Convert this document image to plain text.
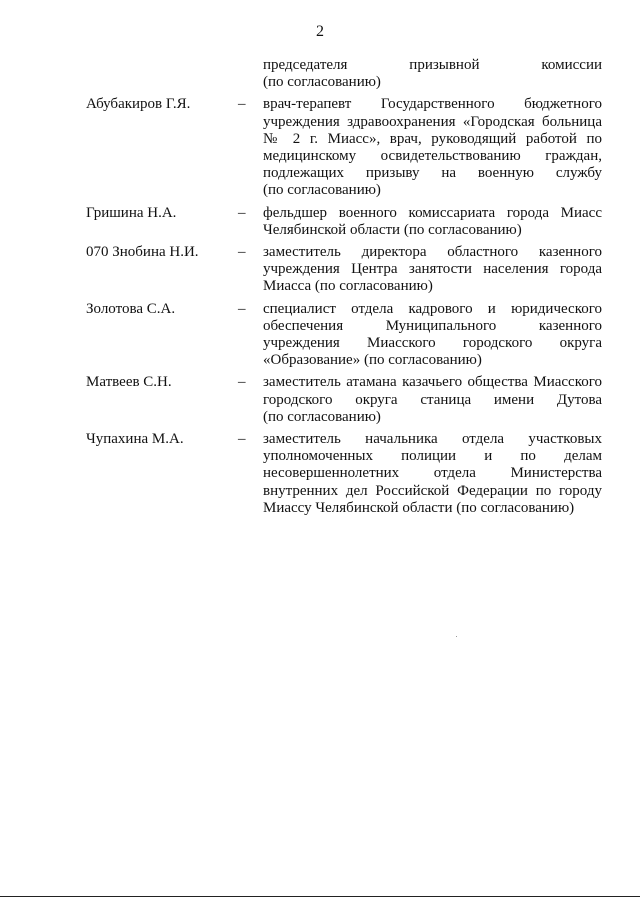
2
председателя призывной комиссии
(по согласованию)
Абубакиров Г.Я.	– врач-терапевт Государственного бюджетного
учреждения здравоохранения «Городская больница
№ 2 г. Миасс», врач, руководящий работой по
медицинскому освидетельствованию граждан,
подлежащих призыву на военную службу
(по согласованию)
Гришина Н.А.	– фельдшер военного комиссариата города Миасс
Челябинской области (по согласованию)
070 Знобина Н.И.	– заместитель директора областного казенного
учреждения Центра занятости населения города
Миасса (по согласованию)
Золотова С.А.	– специалист отдела кадрового и юридического
обеспечения Муниципального казенного
учреждения Миасского городского округа
«Образование» (по согласованию)
Матвеев С.Н.	– заместитель атамана казачьего общества Миасского
городского округа станица имени Дутова
(по согласованию)
Чупахина М.А.	– заместитель начальника отдела участковых
уполномоченных полиции и по делам
несовершеннолетних отдела Министерства
внутренних дел Российской Федерации по городу
Миассу Челябинской области (по согласованию)
